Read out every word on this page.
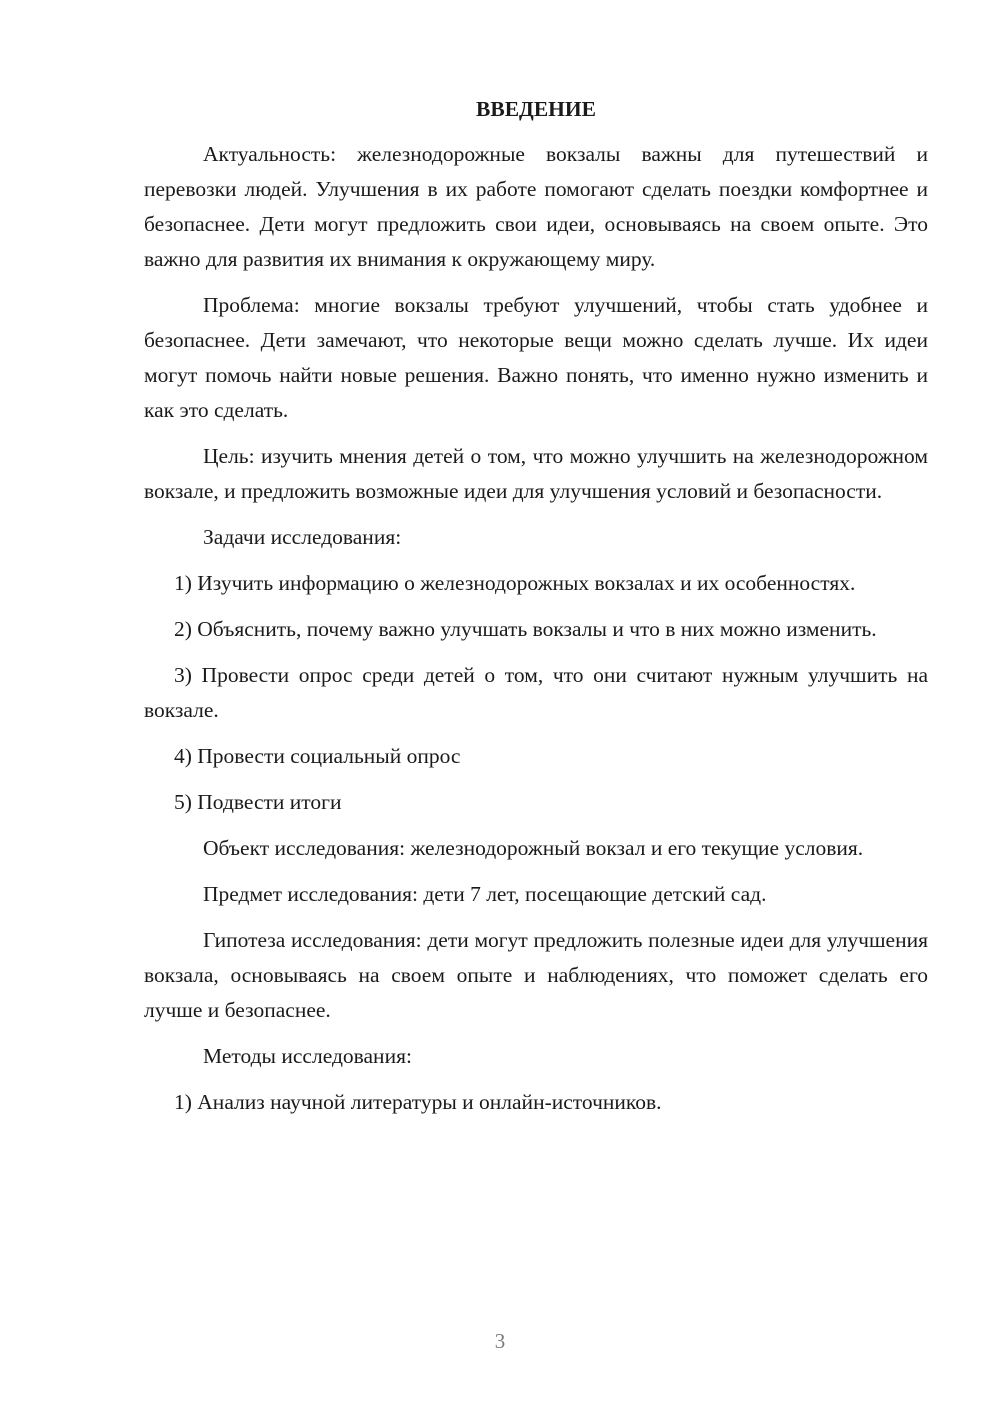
ВВЕДЕНИЕ

Актуальность: железнодорожные вокзалы важны для путешествий и перевозки людей. Улучшения в их работе помогают сделать поездки комфортнее и безопаснее. Дети могут предложить свои идеи, основываясь на своем опыте. Это важно для развития их внимания к окружающему миру.

Проблема: многие вокзалы требуют улучшений, чтобы стать удобнее и безопаснее. Дети замечают, что некоторые вещи можно сделать лучше. Их идеи могут помочь найти новые решения. Важно понять, что именно нужно изменить и как это сделать.

Цель: изучить мнения детей о том, что можно улучшить на железнодорожном вокзале, и предложить возможные идеи для улучшения условий и безопасности.

Задачи исследования:

1) Изучить информацию о железнодорожных вокзалах и их особенностях.

2) Объяснить, почему важно улучшать вокзалы и что в них можно изменить.

3) Провести опрос среди детей о том, что они считают нужным улучшить на вокзале.

4) Провести социальный опрос

5) Подвести итоги

Объект исследования: железнодорожный вокзал и его текущие условия.

Предмет исследования: дети 7 лет, посещающие детский сад.

Гипотеза исследования: дети могут предложить полезные идеи для улучшения вокзала, основываясь на своем опыте и наблюдениях, что поможет сделать его лучше и безопаснее.

Методы исследования:

1) Анализ научной литературы и онлайн-источников.

3
